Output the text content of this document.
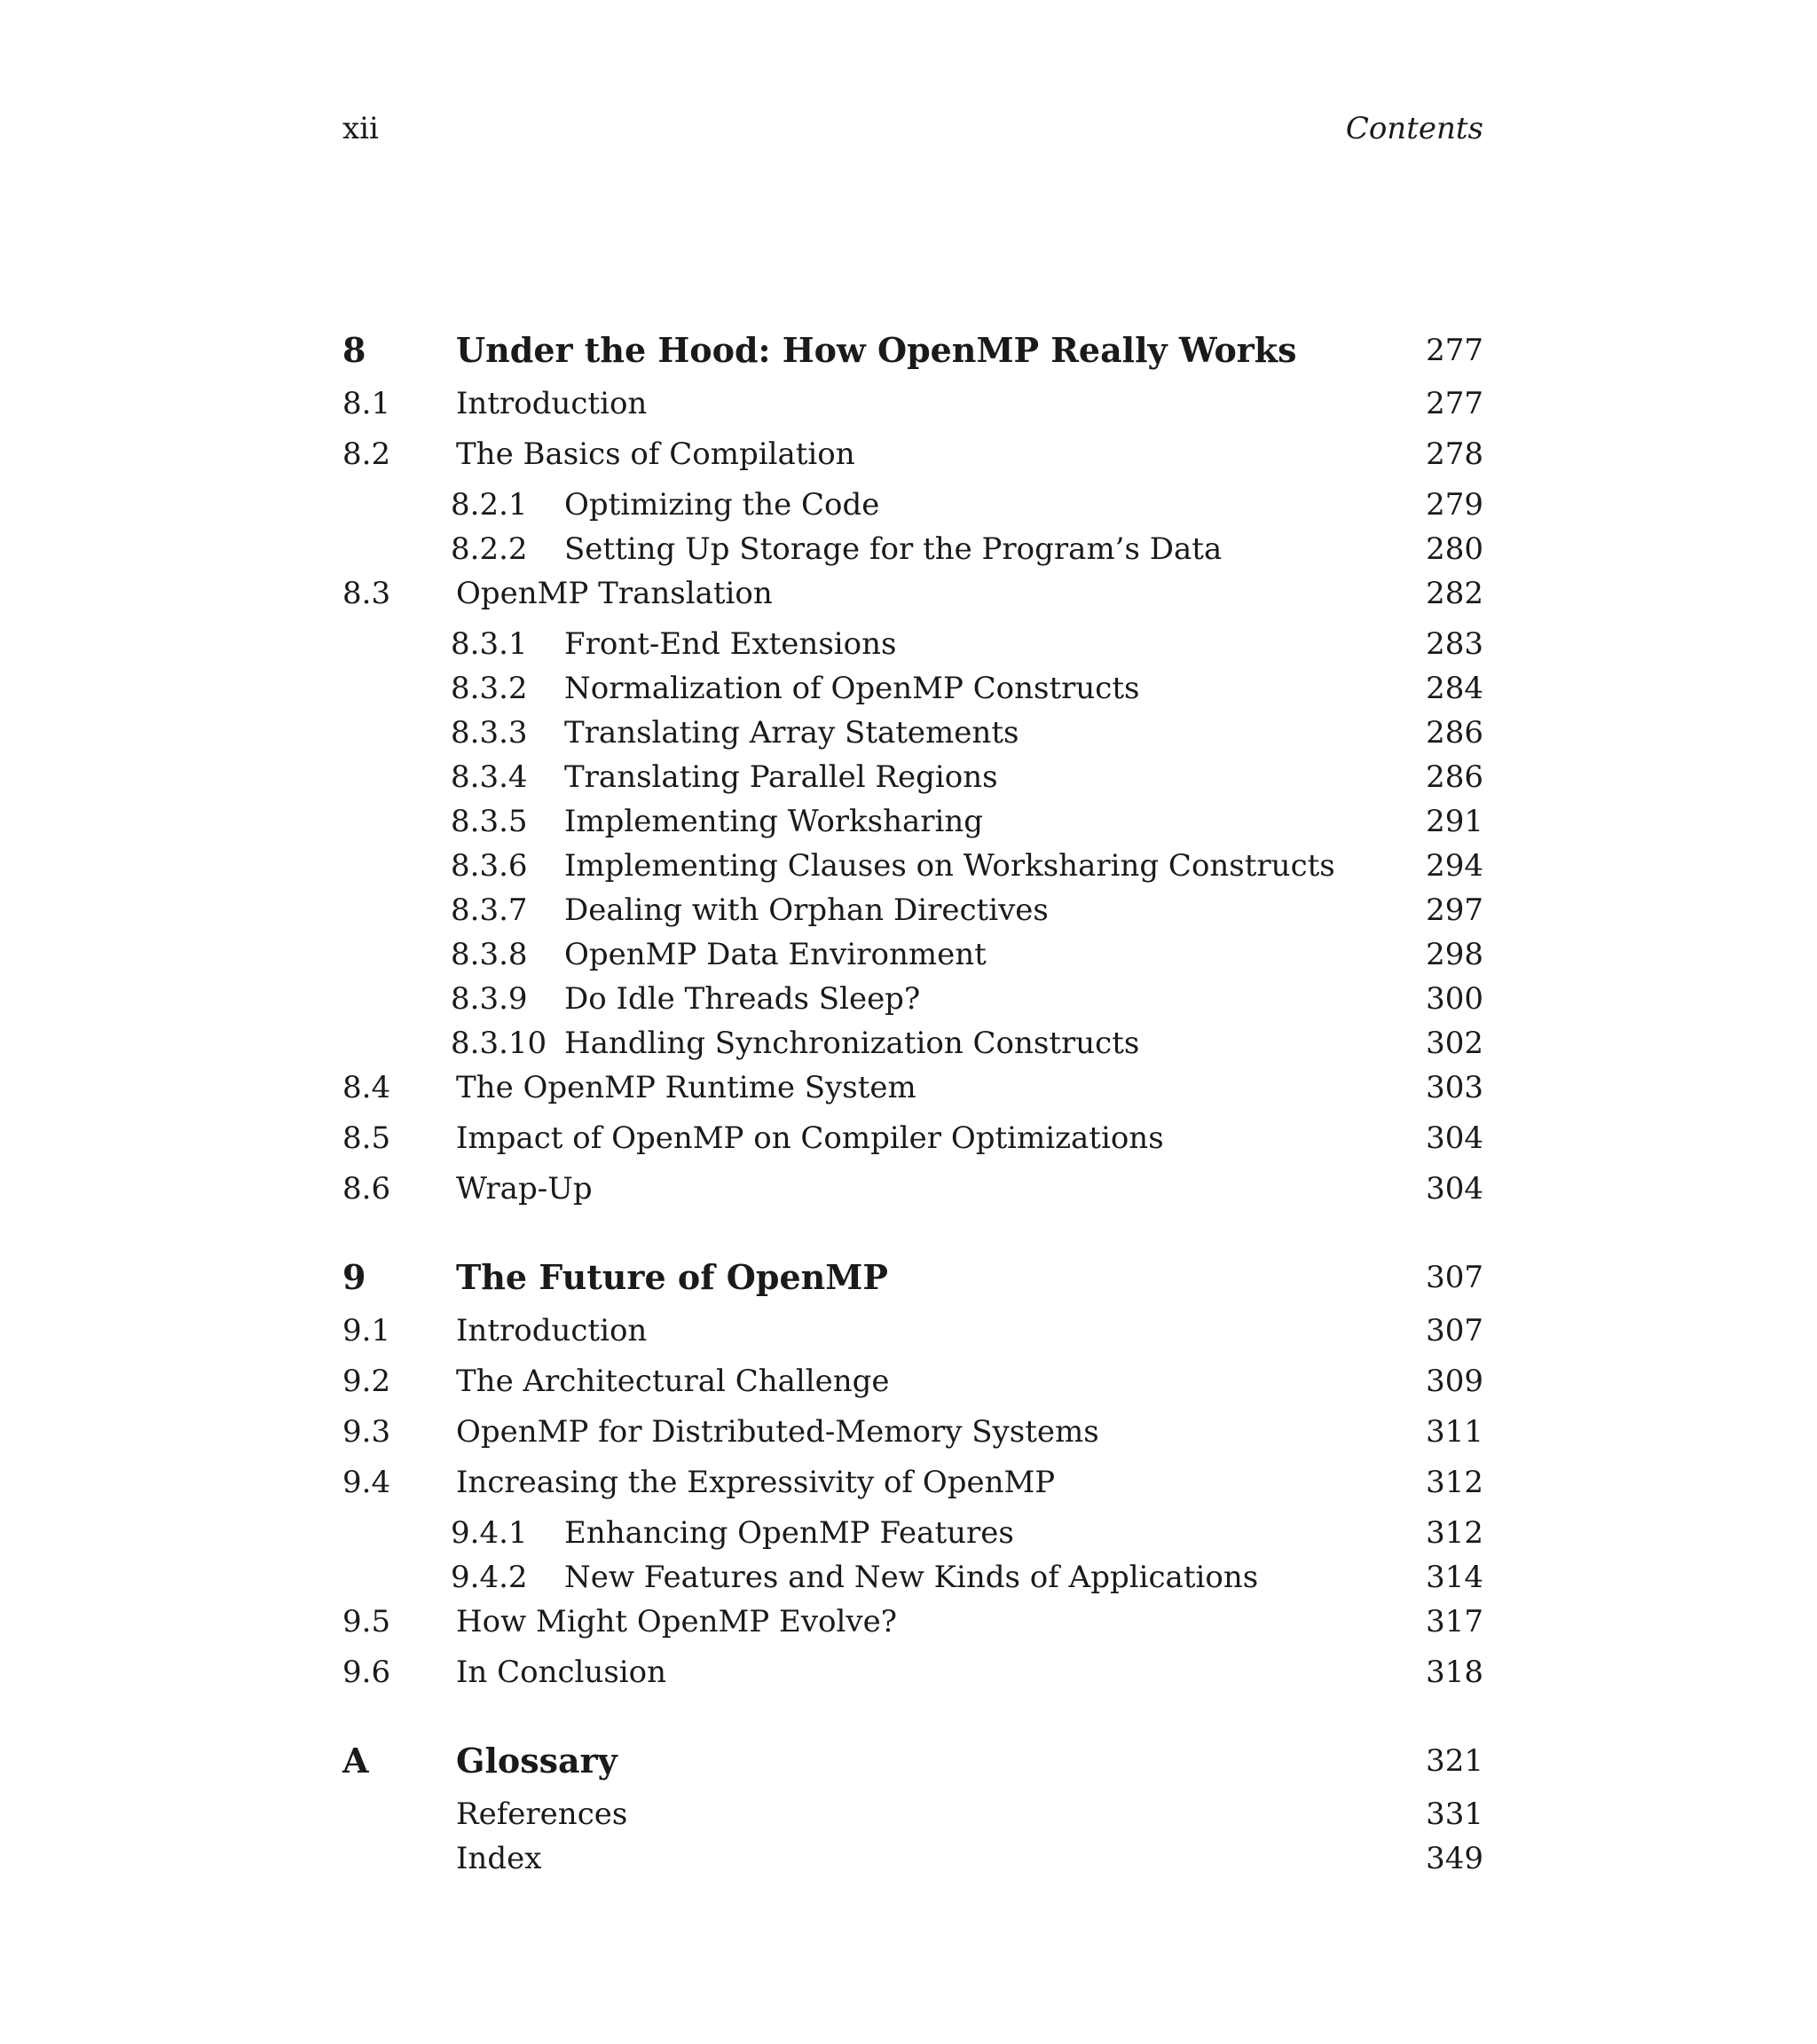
xii	Contents
8	Under the Hood: How OpenMP Really Works	277
8.1 Introduction	277
8.2 The Basics of Compilation	278
8.2.1 Optimizing the Code	279
8.2.2 Setting Up Storage for the Program’s Data	280
8.3 OpenMP Translation	282
8.3.1 Front-End Extensions	283
8.3.2 Normalization of OpenMP Constructs	284
8.3.3 Translating Array Statements	286
8.3.4 Translating Parallel Regions	286
8.3.5 Implementing Worksharing	291
8.3.6 Implementing Clauses on Worksharing Constructs	294
8.3.7 Dealing with Orphan Directives	297
8.3.8 OpenMP Data Environment	298
8.3.9 Do Idle Threads Sleep?	300
8.3.10 Handling Synchronization Constructs	302
8.4 The OpenMP Runtime System	303
8.5 Impact of OpenMP on Compiler Optimizations	304
8.6 Wrap-Up	304
9	The Future of OpenMP	307
9.1 Introduction	307
9.2 The Architectural Challenge	309
9.3 OpenMP for Distributed-Memory Systems	311
9.4 Increasing the Expressivity of OpenMP	312
9.4.1 Enhancing OpenMP Features	312
9.4.2 New Features and New Kinds of Applications	314
9.5 How Might OpenMP Evolve?	317
9.6 In Conclusion	318
A	Glossary	321
References	331
Index	349
